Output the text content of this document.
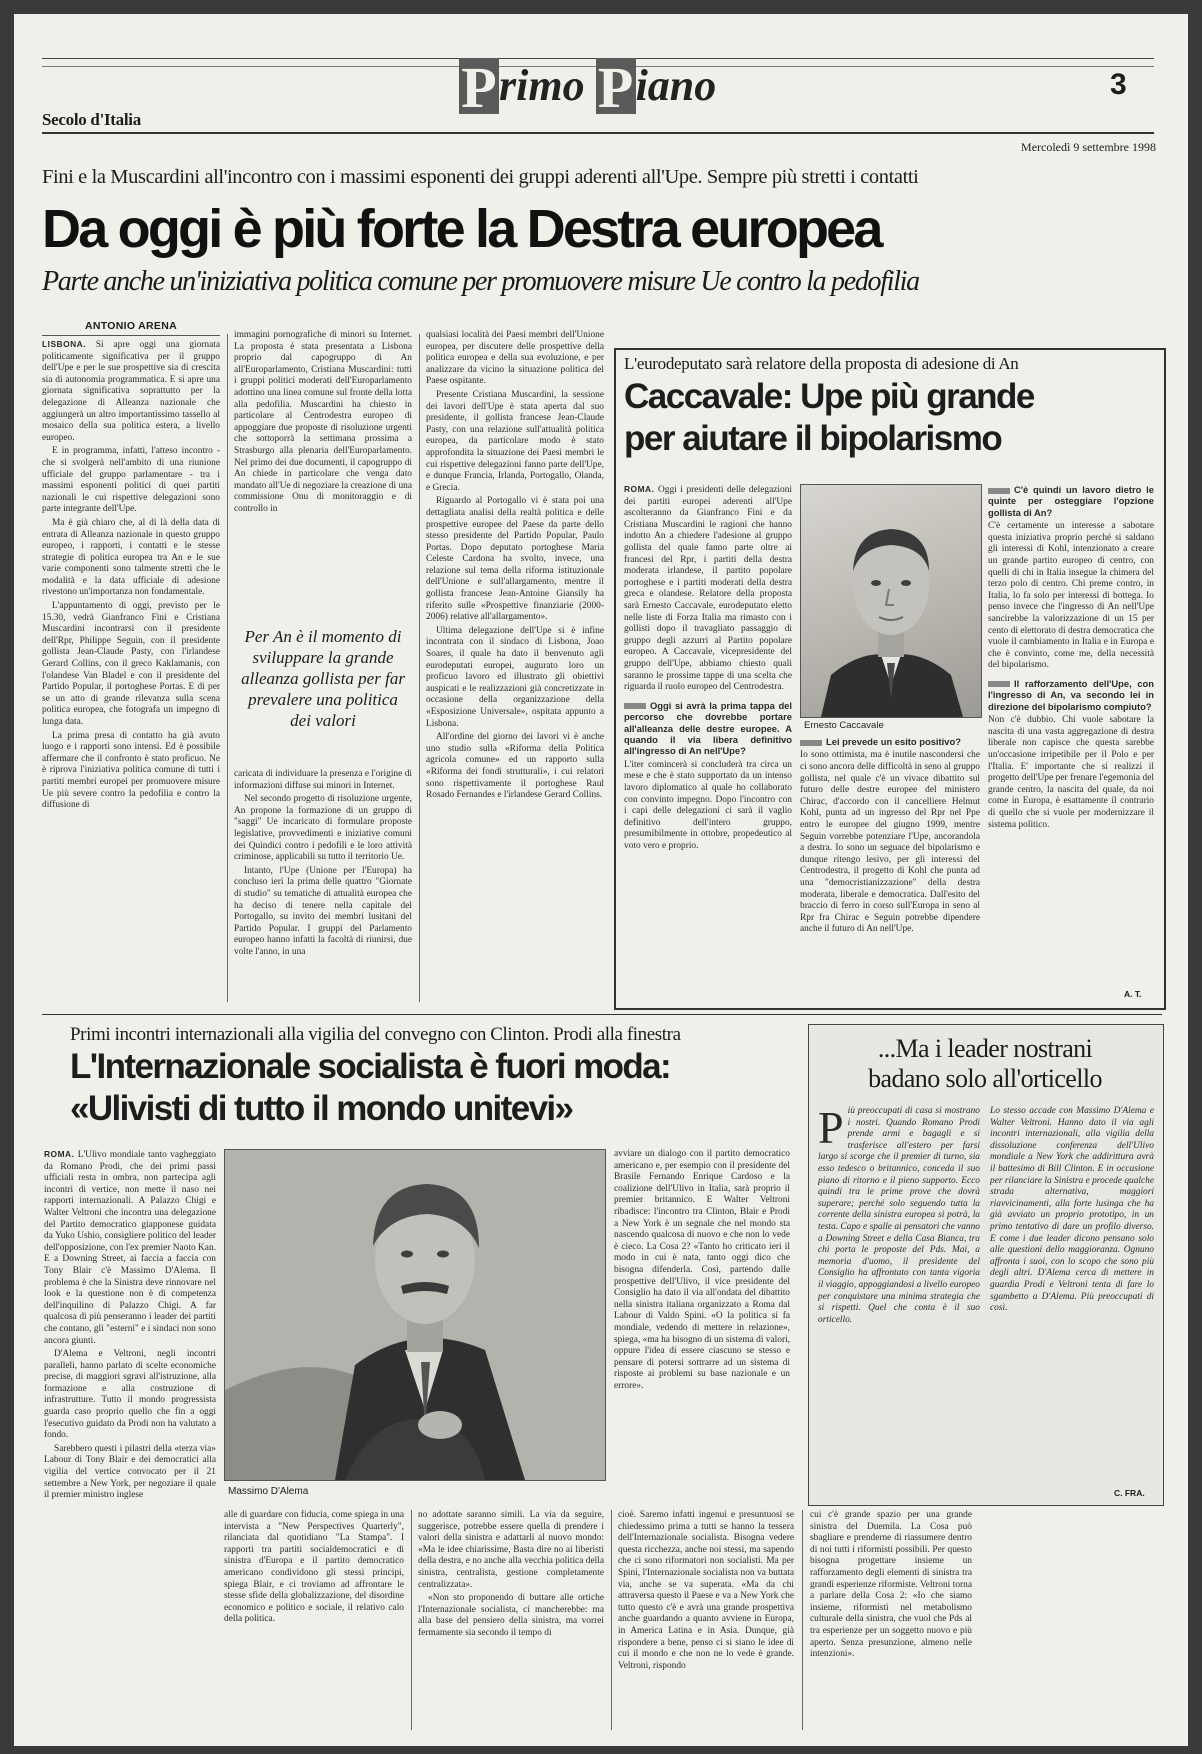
Secolo d'Italia	Primo Piano	3
Mercoledì 9 settembre 1998
Fini e la Muscardini all'incontro con i massimi esponenti dei gruppi aderenti all'Upe. Sempre più stretti i contatti
Da oggi è più forte la Destra europea
Parte anche un'iniziativa politica comune per promuovere misure Ue contro la pedofilia
ANTONIO ARENA

LISBONA. Si apre oggi una giornata politicamente significativa per il gruppo dell'Upe e per le sue prospettive sia di crescita sia di autonomia programmatica. E si apre una giornata significativa soprattutto per la delegazione di Alleanza nazionale che aggiungerà un altro importantissimo tassello al mosaico della sua politica estera, a livello europeo.

E in programma, infatti, l'atteso incontro - che si svolgerà nell'ambito di una riunione ufficiale del gruppo parlamentare - tra i massimi esponenti politici di quei partiti nazionali le cui rispettive delegazioni sono parte integrante dell'Upe.

Ma è già chiaro che, al di là della data di entrata di Alleanza nazionale in questo gruppo europeo, i rapporti, i contatti e le stesse strategie di politica europea tra An e le sue varie componenti sono talmente stretti che le modalità e la data ufficiale di adesione rivestono un'importanza non fondamentale.

L'appuntamento di oggi, previsto per le 15.30, vedrà Gianfranco Fini e Cristiana Muscardini incontrarsi con il presidente dell'Rpr, Philippe Seguin, con il presidente gollista Jean-Claude Pasty, con l'irlandese Gerard Collins, con il greco Kaklamanis, con l'olandese Van Bladel e con il presidente del Partido Popular, il portoghese Portas. E di per se un atto di grande rilevanza sulla scena politica europea, che fotografa un impegno di lunga data.

La prima presa di contatto ha già avuto luogo e i rapporti sono intensi. Ed è possibile affermare che il confronto è stato proficuo. Ne è riprova l'iniziativa politica comune di tutti i partiti membri europei per promuovere misure Ue più severe contro la pedofilia e contro la diffusione di

immagini pornografiche di minori su Internet. La proposta è stata presentata a Lisbona proprio dal capogruppo di An all'Europarlamento, Cristiana Muscardini: tutti i gruppi politici moderati dell'Europarlamento adottino una linea comune sul fronte della lotta alla pedofilia. Muscardini ha chiesto in particolare al Centrodestra europeo di appoggiare due proposte di risoluzione urgenti che sottoporrà la settimana prossima a Strasburgo alla plenaria dell'Europarlamento. Nel primo dei due documenti, il capogruppo di An chiede in particolare che venga dato mandato all'Ue di negoziare la creazione di una commissione Onu di monitoraggio e di controllo in

Per An è il momento di sviluppare la grande alleanza gollista per far prevalere una politica dei valori

caricata di individuare la presenza e l'origine di informazioni diffuse sui minori in Internet.

Nel secondo progetto di risoluzione urgente, An propone la formazione di un gruppo di "saggi" Ue incaricato di formulare proposte legislative, provvedimenti e iniziative comuni dei Quindici contro i pedofili e le loro attività criminose, applicabili su tutto il territorio Ue.

Intanto, l'Upe (Unione per l'Europa) ha concluso ieri la prima delle quattro "Giornate di studio" su tematiche di attualità europea che ha deciso di tenere nella capitale del Portogallo, su invito dei membri lusitani del Partido Popular. I gruppi del Parlamento europeo hanno infatti la facoltà di riunirsi, due volte l'anno, in una

qualsiasi località dei Paesi membri dell'Unione europea, per discutere delle prospettive della politica europea e della sua evoluzione, e per analizzare da vicino la situazione politica del Paese ospitante.

Presente Cristiana Muscardini, la sessione dei lavori dell'Upe è stata aperta dal suo presidente, il gollista francese Jean-Claude Pasty, con una relazione sull'attualità politica europea, da particolare modo è stato approfondita la situazione dei Paesi membri le cui rispettive delegazioni fanno parte dell'Upe, e dunque Francia, Irlanda, Portogallo, Olanda, e Grecia.

Riguardo al Portogallo vi è stata poi una dettagliata analisi della realtà politica e delle prospettive europee del Paese da parte dello stesso presidente del Partido Popular, Paulo Portas. Dopo deputato portoghese Maria Celeste Cardona ha svolto, invece, una relazione sul tema della riforma istituzionale dell'Unione e sull'allargamento, mentre il gollista francese Jean-Antoine Giansily ha riferito sulle «Prospettive finanziarie (2000-2006) relative all'allargamento».

Ultima delegazione dell'Upe si è infine incontrata con il sindaco di Lisbona, Joao Soares, il quale ha dato il benvenuto agli eurodeputati europei, augurato loro un proficuo lavoro ed illustrato gli obiettivi auspicati e le realizzazioni già concretizzate in occasione della organizzazione della «Esposizione Universale», ospitata appunto a Lisbona.

All'ordine del giorno dei lavori vi è anche uno studio sulla «Riforma della Politica agricola comune» ed un rapporto sulla «Riforma dei fondi strutturali», i cui relatori sono rispettivamente il portoghese Raul Rosado Fernandes e l'irlandese Gerard Collins.

L'eurodeputato sarà relatore della proposta di adesione di An
Caccavale: Upe più grande
per aiutare il bipolarismo

ROMA. Oggi i presidenti delle delegazioni dei partiti europei aderenti all'Upe ascolteranno da Gianfranco Fini e da Cristiana Muscardini le ragioni che hanno indotto An a chiedere l'adesione al gruppo gollista del quale fanno parte oltre ai francesi del Rpr, i partiti della destra moderata irlandese, il partito popolare portoghese e i partiti moderati della destra greca e olandese. Relatore della proposta sarà Ernesto Caccavale, eurodeputato eletto nelle liste di Forza Italia ma rimasto con i gollisti dopo il travagliato passaggio di gruppo degli azzurri al Partito popolare europeo. A Caccavale, vicepresidente del gruppo dell'Upe, abbiamo chiesto quali saranno le prossime tappe di una scelta che riguarda il ruolo europeo del Centrodestra.

Oggi si avrà la prima tappa del percorso che dovrebbe portare all'alleanza delle destre europee. A quando il via libera definitivo all'ingresso di An nell'Upe?

L'iter comincerà si concluderà tra circa un mese e che è stato supportato da un intenso lavoro diplomatico al quale ho collaborato con convinto impegno. Dopo l'incontro con i capi delle delegazioni ci sarà il vaglio definitivo dell'intero gruppo, presumibilmente in ottobre, propedeutico al voto vero e proprio.

Ernesto Caccavale
Lei prevede un esito positivo?

Io sono ottimista, ma è inutile nascondersi che ci sono ancora delle difficoltà in seno al gruppo gollista, nel quale c'è un vivace dibattito sul futuro delle destre europee del ministero Chirac, d'accordo con il cancelliere Helmut Kohl, punta ad un ingresso del Rpr nel Ppe entro le europee del giugno 1999, mentre Seguin vorrebbe potenziare l'Upe, ancorandola a destra. Io sono un seguace del bipolarismo e dunque ritengo lesivo, per gli interessi del Centrodestra, il progetto di Kohl che punta ad una "democristianizzazione" della destra moderata, liberale e democratica. Dall'esito del braccio di ferro in corso sull'Europa in seno al Rpr fra Chirac e Seguin potrebbe dipendere anche il futuro di An nell'Upe.

C'è quindi un lavoro dietro le quinte per osteggiare l'opzione gollista di An?

C'è certamente un interesse a sabotare questa iniziativa proprio perché si saldano gli interessi di Kohl, intenzionato a creare un grande partito europeo di centro, con quelli di chi in Italia insegue la chimera del terzo polo di centro. Chi preme contro, in Italia, lo fa solo per interessi di bottega. Io penso invece che l'ingresso di An nell'Upe sancirebbe la valorizzazione di un 15 per cento di elettorato di destra democratica che vuole il cambiamento in Italia e in Europa e che è convinto, come me, della necessità del bipolarismo.

Il rafforzamento dell'Upe, con l'ingresso di An, va secondo lei in direzione del bipolarismo compiuto?

Non c'è dubbio. Chi vuole sabotare la nascita di una vasta aggregazione di destra liberale non capisce che questa sarebbe un'occasione irripetibile per il Polo e per l'Italia. E' importante che si realizzi il progetto dell'Upe per frenare l'egemonia del grande centro, la nascita del quale, da noi come in Europa, è esattamente il contrario di quello che si vuole per modernizzare il sistema politico.

A. T.
Primi incontri internazionali alla vigilia del convegno con Clinton. Prodi alla finestra
L'Internazionale socialista è fuori moda:
«Ulivisti di tutto il mondo unitevi»

ROMA. L'Ulivo mondiale tanto vagheggiato da Romano Prodi, che dei primi passi ufficiali resta in ombra, non partecipa agli incontri di vertice, non mette il naso nei rapporti internazionali. A Palazzo Chigi e Walter Veltroni che incontra una delegazione del Partito democratico giapponese guidata da Yuko Ushio, consigliere politico del leader dell'opposizione, con l'ex premier Naoto Kan. E a Downing Street, ai faccia a faccia con Tony Blair c'è Massimo D'Alema. Il problema è che la Sinistra deve rinnovare nel look e la questione non è di competenza dell'inquilino di Palazzo Chigi. A far qualcosa di più penseranno i leader dei partiti che contano, gli "esterni" e i sindaci non sono ancora giunti.

D'Alema e Veltroni, negli incontri paralleli, hanno parlato di scelte economiche precise, di maggiori sgravi all'istruzione, alla formazione e alla costruzione di infrastrutture. Tutto il mondo progressista guarda caso proprio quello che fin a oggi l'esecutivo guidato da Prodi non ha valutato a fondo.

Sarebbero questi i pilastri della «terza via» Labour di Tony Blair e dei democratici alla vigilia del vertice convocato per il 21 settembre a New York, per negoziare il quale il premier ministro inglese	Massimo D'Alema

avviare un dialogo con il partito democratico americano e, per esempio con il presidente del Brasile Fernando Enrique Cardoso e la coalizione dell'Ulivo in Italia, sarà proprio il premier britannico. E Walter Veltroni ribadisce: l'incontro tra Clinton, Blair e Prodi a New York è un segnale che nel mondo sta nascendo qualcosa di nuovo e che non lo vede è cieco. La Cosa 2? «Tanto ho criticato ieri il modo in cui è nata, tanto oggi dico che bisogna difenderla. Così, partendo dalle prospettive dell'Ulivo, il vice presidente del Consiglio ha dato il via all'ondata del dibattito nella sinistra italiana organizzato a Roma dal Labour di Valdo Spini. «O la politica si fa mondiale, vedendo di mettere in relazione», spiega, «ma ha bisogno di un sistema di valori, oppure l'idea di essere ciascuno se stesso e pensare di potersi sottrarre ad un sistema di risposte ai problemi su base nazionale e un errore».

alle di guardare con fiducia, come spiega in una intervista a "New Perspectives Quarterly", rilanciata dal quotidiano "La Stampa". I rapporti tra partiti socialdemocratici e di sinistra d'Europa e il partito democratico americano condividono gli stessi principi, spiega Blair, e ci troviamo ad affrontare le stesse sfide della globalizzazione, del disordine economico e politico e sociale, il relativo calo della politica.

no adottate saranno simili. La via da seguire, suggerisce, potrebbe essere quella di prendere i valori della sinistra e adattarli al nuovo mondo: «Ma le idee chiarissime, Basta dire no ai liberisti della destra, e no anche alla vecchia politica della sinistra, centralista, gestione completamente centralizzata».

«Non sto proponendo di buttare alle ortiche l'Internazionale socialista, ci mancherebbe: ma alla base del pensiero della sinistra, ma vorrei fermamente sia secondo il tempo di

cioè. Saremo infatti ingenui e presuntuosi se chiedessimo prima a tutti se hanno la tessera dell'Internazionale socialista. Bisogna vedere questa ricchezza, anche noi stessi, ma sapendo che ci sono riformatori non socialisti. Ma per Spini, l'Internazionale socialista non va buttata via, anche se va superata. «Ma da chi attraversa questo il Paese e va a New York che tutto questo c'è e avrà una grande prospettiva anche guardando a quanto avviene in Europa, in America Latina e in Asia. Dunque, già rispondere a bene, penso ci si siano le idee di cui il mondo e che non ne lo vede è grande. Veltroni, rispondo

cui c'è grande spazio per una grande sinistra del Duemila. La Cosa può sbagliare e prenderne di riassumere dentro di noi tutti i riformisti possibili. Per questo bisogna progettare insieme un rafforzamento degli elementi di sinistra tra grandi esperienze riformiste. Veltroni torna a parlare della Cosa 2: «Io che siamo insieme, riformisti nel metabolismo culturale della sinistra, che vuol che Pds al tra esperienze per un soggetto nuovo e più aperto. Senza presunzione, almeno nelle intenzioni».

...Ma i leader nostrani
badano solo all'orticello
Più preoccupati di casa si mostrano i nostri. Quando Romano Prodi prende armi e bagagli e si trasferisce all'estero per farsi largo si scorge che il premier di turno, sia esso tedesco o britannico, conceda il suo piano di ritorno e il pieno supporto. Ecco quindi tra le prime prove che dovrà superare; perché solo seguendo tutta la corrente della sinistra europea si potrà, la testa. Capo e spalle ai pensatori che vanno a Downing Street e della Casa Bianca, tra chi porta le proposte del Pds. Mai, a memoria d'uomo, il presidente del Consiglio ha affrontato con tanta vigoria il viaggio, appoggiandosi a livello europeo per conquistare una minima strategia che si rispetti. Quel che conta è il suo orticello.

Lo stesso accade con Massimo D'Alema e Walter Veltroni. Hanno dato il via agli incontri internazionali, alla vigilia della dissoluzione conferenza dell'Ulivo mondiale a New York che addirittura avrà il battesimo di Bill Clinton. E in occasione per rilanciare la Sinistra e procede qualche strada alternativa, maggiori riavvicinamenti, alla forte lusinga che ha già avviato un proprio prototipo, in un primo tentativo di dare un profilo diverso. E come i due leader dicono pensano solo alle questioni dello maggioranza. Ognuno affronta i suoi, con lo scopo che sono più degli altri. D'Alema cerca di mettere in guardia Prodi e Veltroni tenta di fare lo sgambetto a D'Alema. Più preoccupati di così.

C. FRA.
